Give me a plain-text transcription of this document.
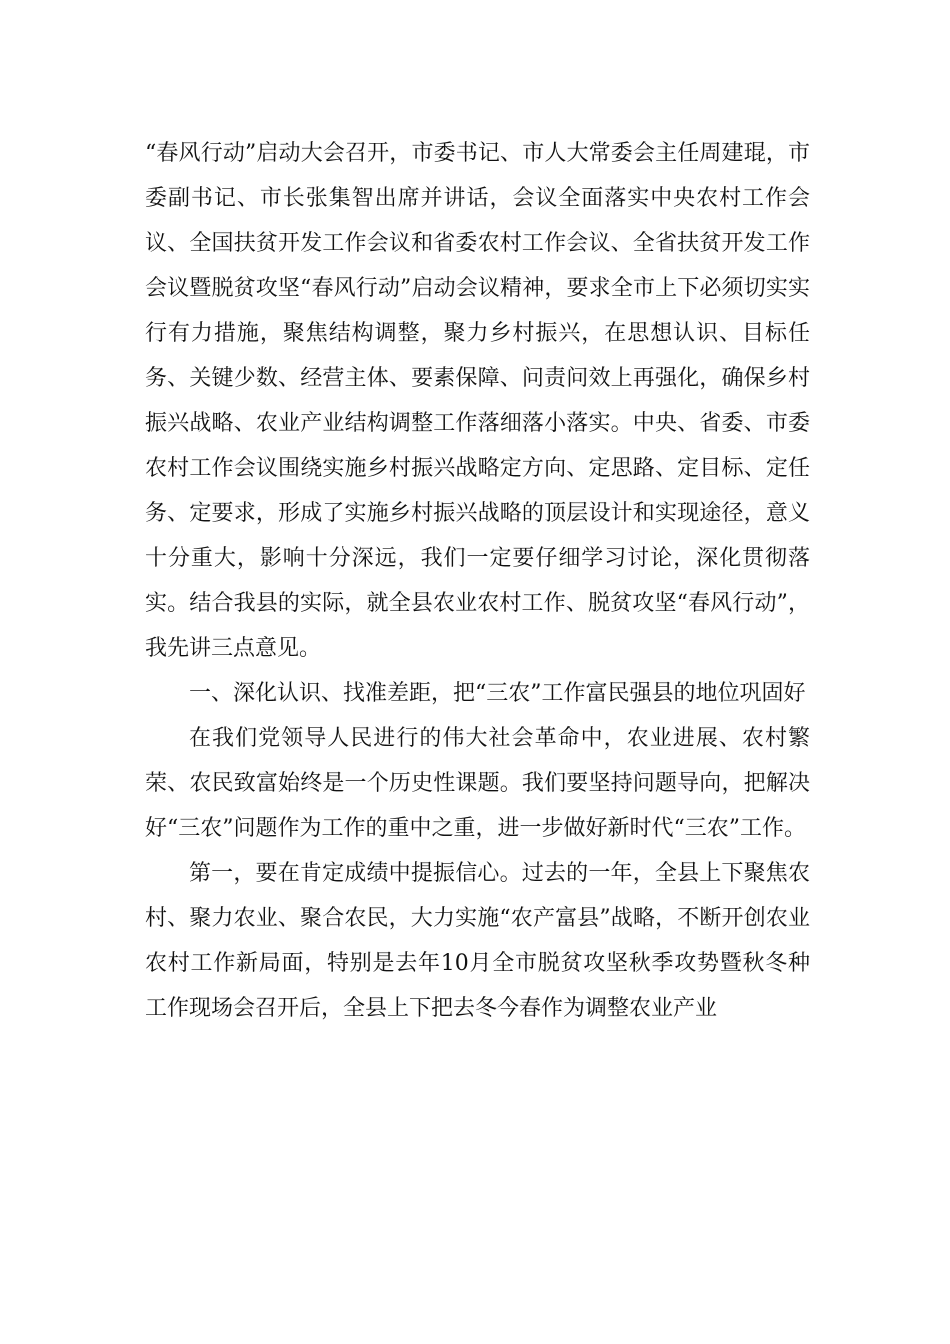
“春风行动”启动大会召开，市委书记、市人大常委会主任周建琨，市委副书记、市长张集智出席并讲话，会议全面落实中央农村工作会议、全国扶贫开发工作会议和省委农村工作会议、全省扶贫开发工作会议暨脱贫攻坚“春风行动”启动会议精神，要求全市上下必须切实实行有力措施，聚焦结构调整，聚力乡村振兴，在思想认识、目标任务、关键少数、经营主体、要素保障、问责问效上再强化，确保乡村振兴战略、农业产业结构调整工作落细落小落实。中央、省委、市委农村工作会议围绕实施乡村振兴战略定方向、定思路、定目标、定任务、定要求，形成了实施乡村振兴战略的顶层设计和实现途径，意义十分重大，影响十分深远，我们一定要仔细学习讨论，深化贯彻落实。结合我县的实际，就全县农业农村工作、脱贫攻坚“春风行动”，我先讲三点意见。

一、深化认识、找准差距，把“三农”工作富民强县的地位巩固好

在我们党领导人民进行的伟大社会革命中，农业进展、农村繁荣、农民致富始终是一个历史性课题。我们要坚持问题导向，把解决好“三农”问题作为工作的重中之重，进一步做好新时代“三农”工作。

第一，要在肯定成绩中提振信心。过去的一年，全县上下聚焦农村、聚力农业、聚合农民，大力实施“农产富县”战略，不断开创农业农村工作新局面，特别是去年10月全市脱贫攻坚秋季攻势暨秋冬种工作现场会召开后，全县上下把去冬今春作为调整农业产业
